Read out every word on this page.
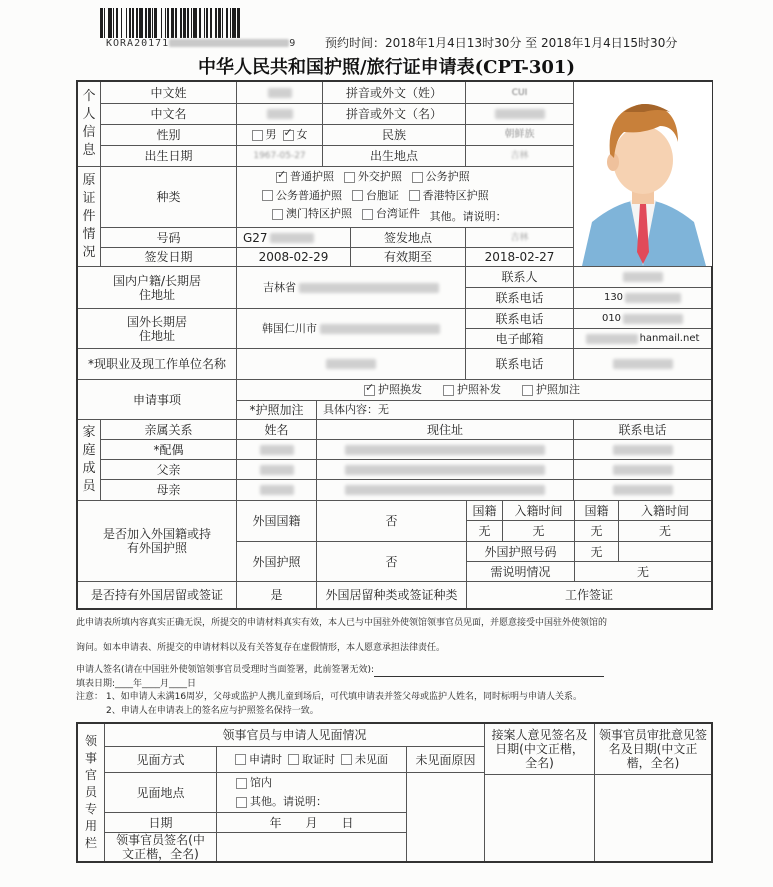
KORA20171	9 预约时间：2018年1月4日13时30分 至 2018年1月4日15时30分
中华人民共和国护照/旅行证申请表(CPT-301)
个
人
信
息
中文姓	拼音或外文（姓）	CUI
中文名	拼音或外文（名）
性别	男
✓ 女	民族	朝鲜族
出生日期	1967-05-27	出生地点	吉林
原
证
件
情
况
种类
✓
普通护照
外交护照
公务护照
公务普通护照
台胞证
香港特区护照
澳门特区护照
台湾证件
其他。请说明：
号码	G27	签发地点	吉林
签发日期	2008-02-29	有效期至	2018-02-27
国内户籍/长期居住地址
吉林省
联系人
联系电话	130
国外长期居住地址
韩国仁川市
联系电话	010
电子邮箱	hanmail.net
*现职业及现工作单位名称	联系电话
申请事项
✓
护照换发	护照补发	护照加注
*护照加注	具体内容：无
家
庭
成
员
亲属关系	姓名	现住址	联系电话
*配偶
父亲
母亲
是否加入外国籍或持有外国护照
外国国籍	否
国籍	入籍时间	国籍	入籍时间
无	无	无	无
外国护照	否
外国护照号码	无
需说明情况	无
是否持有外国居留或签证	是	外国居留种类或签证种类	工作签证
此申请表所填内容真实正确无误，所提交的申请材料真实有效，本人已与中国驻外使领馆领事官员见面，并愿意接受中国驻外使领馆的
询问。如本申请表、所提交的申请材料以及有关答复存在虚假情形，本人愿意承担法律责任。
申请人签名(请在中国驻外使领馆领事官员受理时当面签署，此前签署无效):
填表日期:____年____月____日
注意： 1、如申请人未满16周岁，父母或监护人携儿童到场后，可代填申请表并签父母或监护人姓名，同时标明与申请人关系。
2、申请人在申请表上的签名应与护照签名保持一致。
领
事
官
员
专
用
栏
领事官员与申请人见面情况	接案人意见签名及日期(中文正楷，全名)
领事官员审批意见签名及日期(中文正楷，全名)
见面方式	申请时 取证时 未见面	未见面原因
见面地点
馆内
其他。请说明：
日期	年　　月　　日
领事官员签名(中文正楷，全名)
